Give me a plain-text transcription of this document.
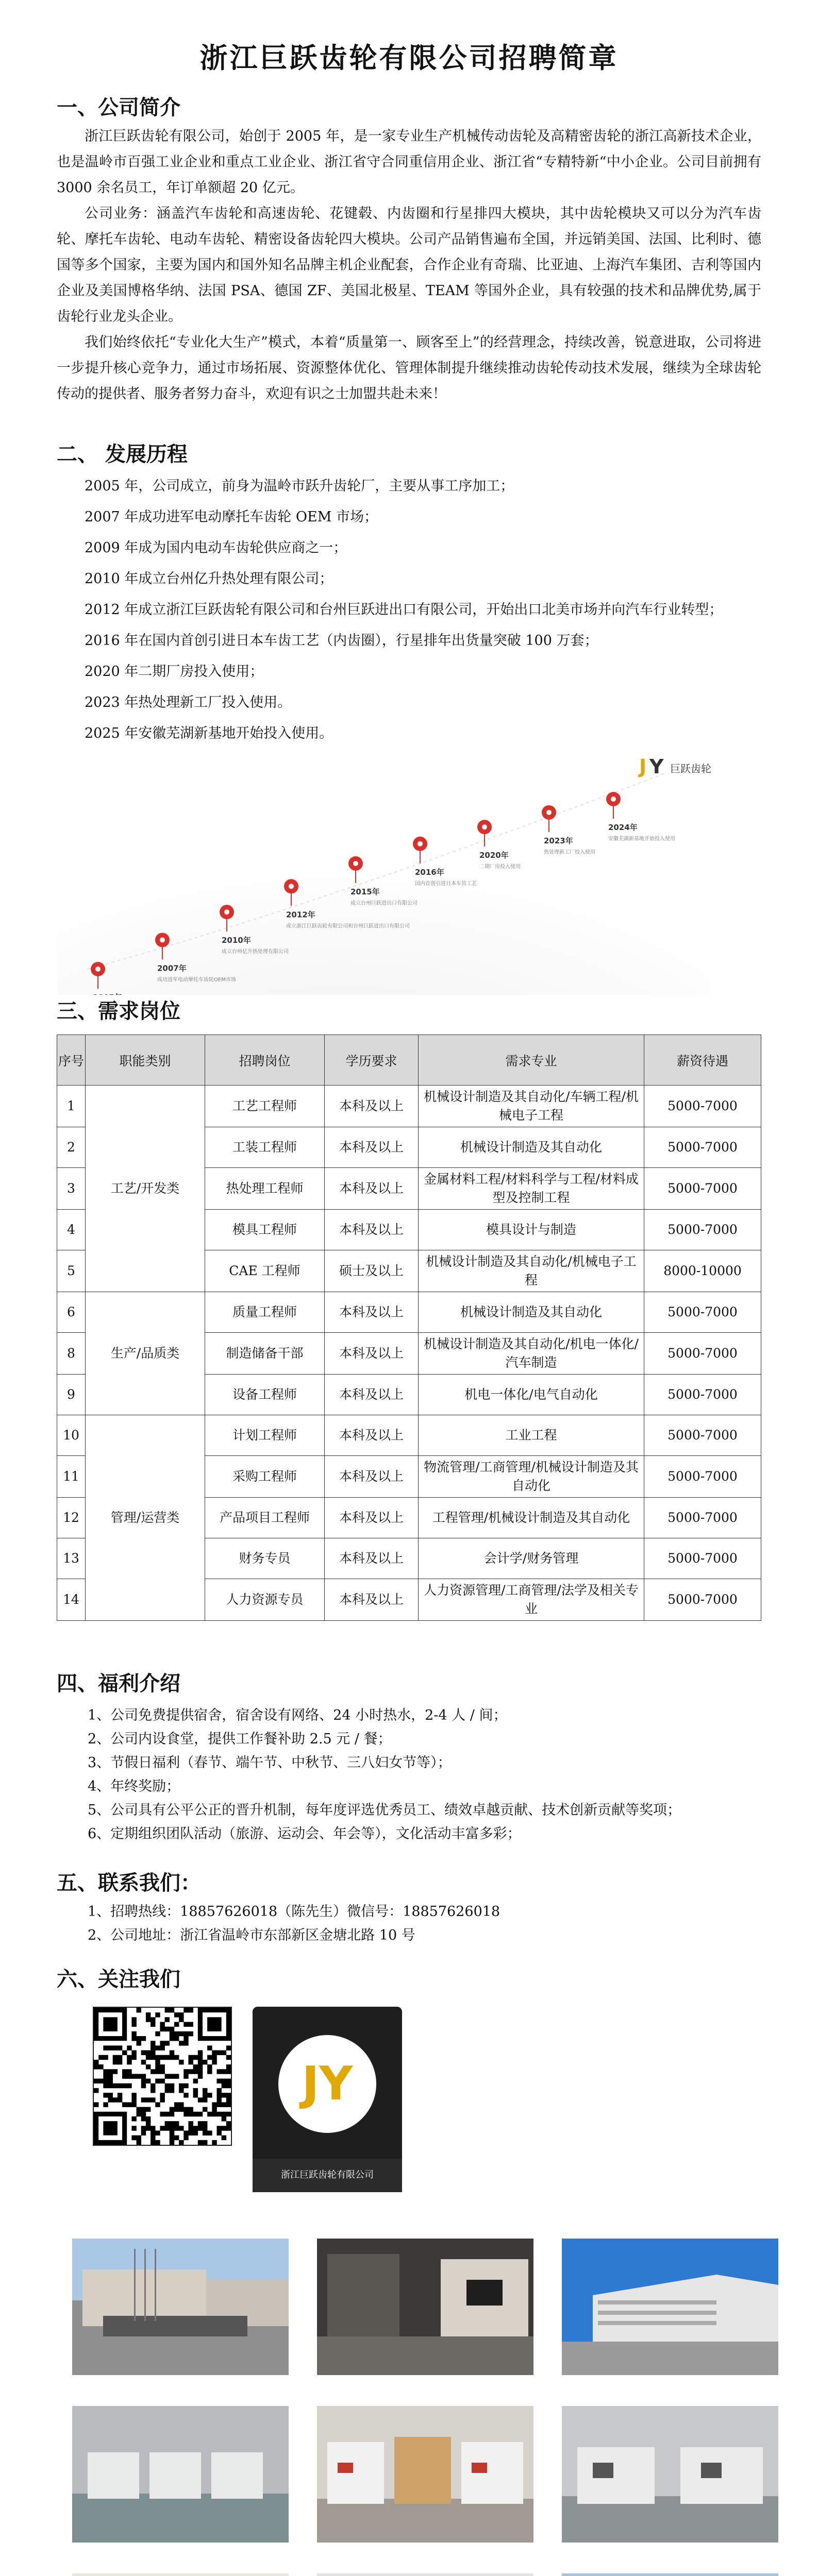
浙江巨跃齿轮有限公司招聘简章
一、公司简介

浙江巨跃齿轮有限公司，始创于 2005 年，是一家专业生产机械传动齿轮及高精密齿轮的浙江高新技术企业，也是温岭市百强工业企业和重点工业企业、浙江省守合同重信用企业、浙江省“专精特新“中小企业。公司目前拥有 3000 余名员工，年订单额超 20 亿元。

公司业务：涵盖汽车齿轮和高速齿轮、花键毂、内齿圈和行星排四大模块，其中齿轮模块又可以分为汽车齿轮、摩托车齿轮、电动车齿轮、精密设备齿轮四大模块。公司产品销售遍布全国，并远销美国、法国、比利时、德国等多个国家，主要为国内和国外知名品牌主机企业配套，合作企业有奇瑞、比亚迪、上海汽车集团、吉利等国内企业及美国博格华纳、法国 PSA、德国 ZF、美国北极星、TEAM 等国外企业，具有较强的技术和品牌优势,属于齿轮行业龙头企业。

我们始终依托“专业化大生产”模式，本着“质量第一、顾客至上”的经营理念，持续改善，锐意进取，公司将进一步提升核心竞争力，通过市场拓展、资源整体优化、管理体制提升继续推动齿轮传动技术发展，继续为全球齿轮传动的提供者、服务者努力奋斗，欢迎有识之士加盟共赴未来！

二、 发展历程

2005 年，公司成立，前身为温岭市跃升齿轮厂，主要从事工序加工；

2007 年成功进军电动摩托车齿轮 OEM 市场；

2009 年成为国内电动车齿轮供应商之一；

2010 年成立台州亿升热处理有限公司；

2012 年成立浙江巨跃齿轮有限公司和台州巨跃进出口有限公司，开始出口北美市场并向汽车行业转型；

2016 年在国内首创引进日本车齿工艺（内齿圈），行星排年出货量突破 100 万套；

2020 年二期厂房投入使用；

2023 年热处理新工厂投入使用。

2025 年安徽芜湖新基地开始投入使用。

2007年
成功进军电动摩托车齿轮OEM市场
2010年
成立台州亿升热处理有限公司
2012年
成立浙江巨跃齿轮有限公司和台州巨跃进出口有限公司
2015年
成立台州巨跃进出口有限公司
2016年
国内首创引进日本车齿工艺
2020年
二期厂房投入使用
2023年
热处理新工厂投入使用
2024年
安徽芜湖新基地开始投入使用
J Y 巨跃齿轮
三、需求岗位
序号	职能类别	招聘岗位	学历要求	需求专业	薪资待遇
1	工艺/开发类	工艺工程师	本科及以上	机械设计制造及其自动化/车辆工程/机械电子工程	5000-7000
2		工装工程师	本科及以上	机械设计制造及其自动化	5000-7000
3		热处理工程师	本科及以上	金属材料工程/材料科学与工程/材料成型及控制工程	5000-7000
4		模具工程师	本科及以上	模具设计与制造	5000-7000
5		CAE 工程师	硕士及以上	机械设计制造及其自动化/机械电子工程	8000-10000
6	生产/品质类	质量工程师	本科及以上	机械设计制造及其自动化	5000-7000
8		制造储备干部	本科及以上	机械设计制造及其自动化/机电一体化/汽车制造	5000-7000
9		设备工程师	本科及以上	机电一体化/电气自动化	5000-7000
10	管理/运营类	计划工程师	本科及以上	工业工程	5000-7000
11		采购工程师	本科及以上	物流管理/工商管理/机械设计制造及其自动化	5000-7000
12		产品项目工程师	本科及以上	工程管理/机械设计制造及其自动化	5000-7000
13		财务专员	本科及以上	会计学/财务管理	5000-7000
14		人力资源专员	本科及以上	人力资源管理/工商管理/法学及相关专业	5000-7000
四、福利介绍

1、公司免费提供宿舍，宿舍设有网络、24 小时热水，2-4 人 / 间；

2、公司内设食堂，提供工作餐补助 2.5 元 / 餐；

3、节假日福利（春节、端午节、中秋节、三八妇女节等）；

4、年终奖励；

5、公司具有公平公正的晋升机制，每年度评选优秀员工、绩效卓越贡献、技术创新贡献等奖项；

6、定期组织团队活动（旅游、运动会、年会等），文化活动丰富多彩；

五、联系我们：

1、招聘热线：18857626018（陈先生）微信号：18857626018

2、公司地址：浙江省温岭市东部新区金塘北路 10 号

六、关注我们
JY
浙江巨跃齿轮有限公司
